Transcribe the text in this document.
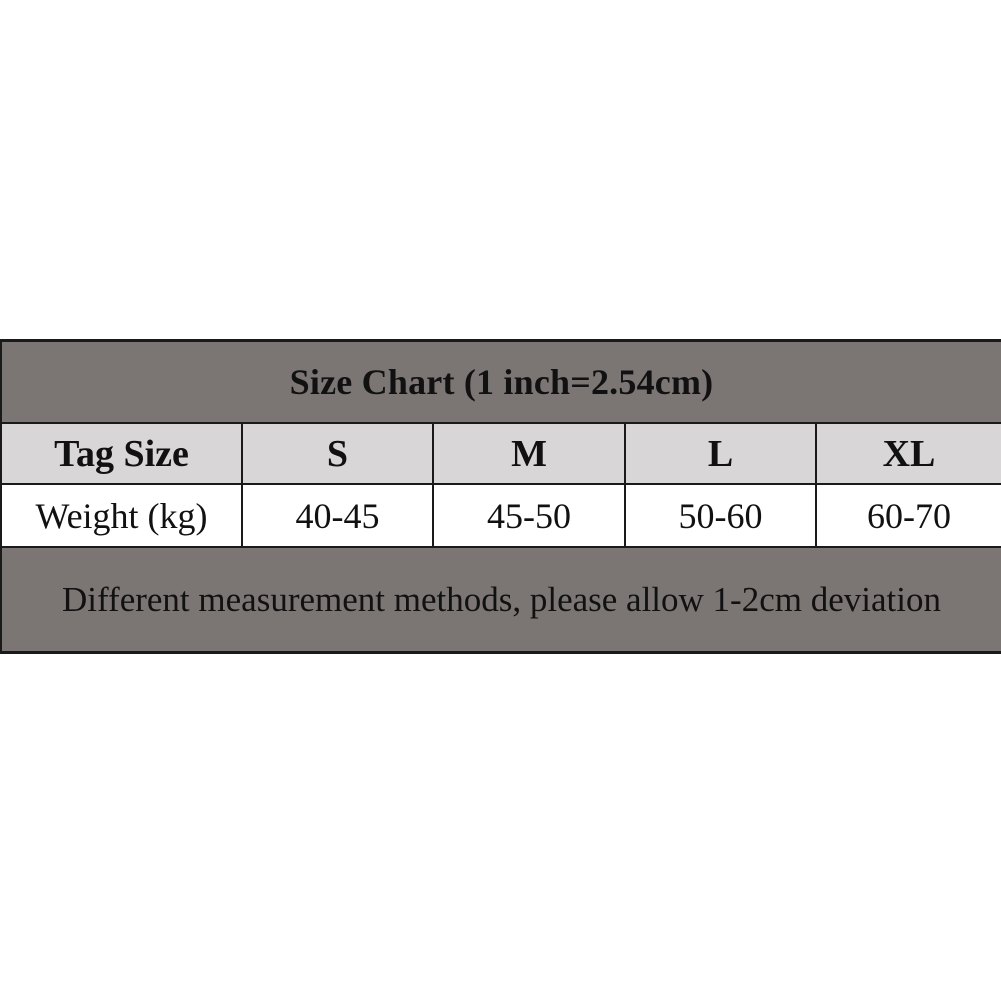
Size Chart (1 inch=2.54cm)
Tag Size	S	M	L	XL
Weight (kg)	40-45	45-50	50-60	60-70
Different measurement methods, please allow 1-2cm deviation
